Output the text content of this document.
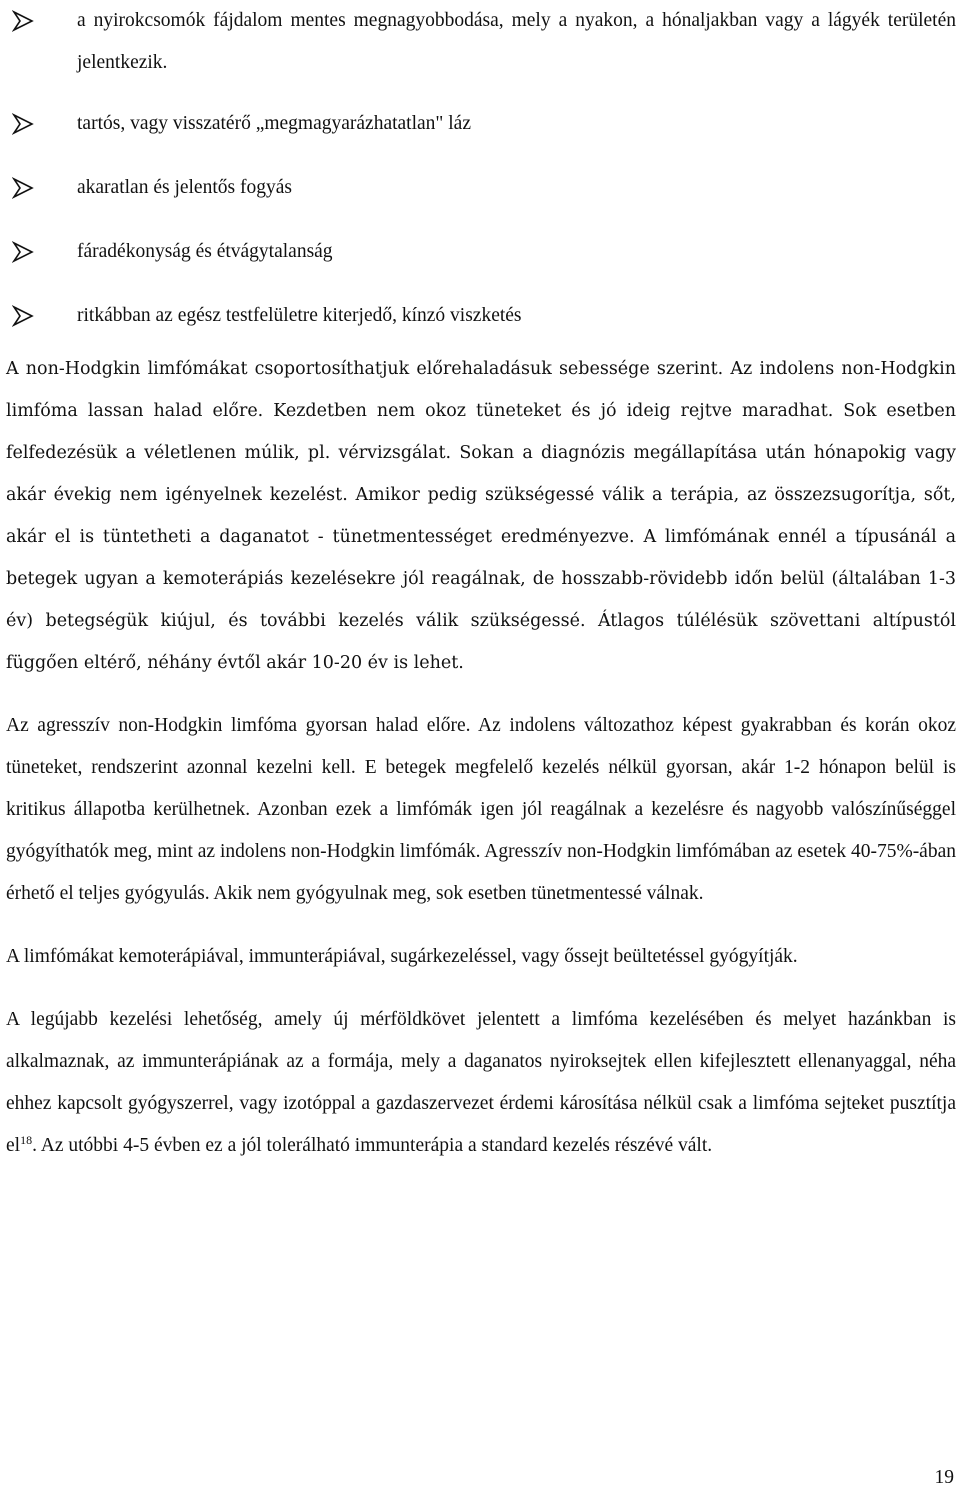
a nyirokcsomók fájdalom mentes megnagyobbodása, mely a nyakon, a hónaljakban vagy a lágyék területén jelentkezik.
tartós, vagy visszatérő „megmagyarázhatatlan" láz
akaratlan és jelentős fogyás
fáradékonyság és étvágytalanság
ritkábban az egész testfelületre kiterjedő, kínzó viszketés

A non-Hodgkin limfómákat csoportosíthatjuk előrehaladásuk sebessége szerint. Az indolens non-Hodgkin limfóma lassan halad előre. Kezdetben nem okoz tüneteket és jó ideig rejtve maradhat. Sok esetben felfedezésük a véletlenen múlik, pl. vérvizsgálat. Sokan a diagnózis megállapítása után hónapokig vagy akár évekig nem igényelnek kezelést. Amikor pedig szükségessé válik a terápia, az összezsugorítja, sőt, akár el is tüntetheti a daganatot - tünetmentességet eredményezve. A limfómának ennél a típusánál a betegek ugyan a kemoterápiás kezelésekre jól reagálnak, de hosszabb-rövidebb időn belül (általában 1-3 év) betegségük kiújul, és további kezelés válik szükségessé. Átlagos túlélésük szövettani altípustól függően eltérő, néhány évtől akár 10-20 év is lehet.

Az agresszív non-Hodgkin limfóma gyorsan halad előre. Az indolens változathoz képest gyakrabban és korán okoz tüneteket, rendszerint azonnal kezelni kell. E betegek megfelelő kezelés nélkül gyorsan, akár 1-2 hónapon belül is kritikus állapotba kerülhetnek. Azonban ezek a limfómák igen jól reagálnak a kezelésre és nagyobb valószínűséggel gyógyíthatók meg, mint az indolens non-Hodgkin limfómák. Agresszív non-Hodgkin limfómában az esetek 40-75%-ában érhető el teljes gyógyulás. Akik nem gyógyulnak meg, sok esetben tünetmentessé válnak.

A limfómákat kemoterápiával, immunterápiával, sugárkezeléssel, vagy őssejt beültetéssel gyógyítják.

A legújabb kezelési lehetőség, amely új mérföldkövet jelentett a limfóma kezelésében és melyet hazánkban is alkalmaznak, az immunterápiának az a formája, mely a daganatos nyiroksejtek ellen kifejlesztett ellenanyaggal, néha ehhez kapcsolt gyógyszerrel, vagy izotóppal a gazdaszervezet érdemi károsítása nélkül csak a limfóma sejteket pusztítja $el^{18}$. Az utóbbi 4-5 évben ez a jól tolerálható immunterápia a standard kezelés részévé vált.

19
